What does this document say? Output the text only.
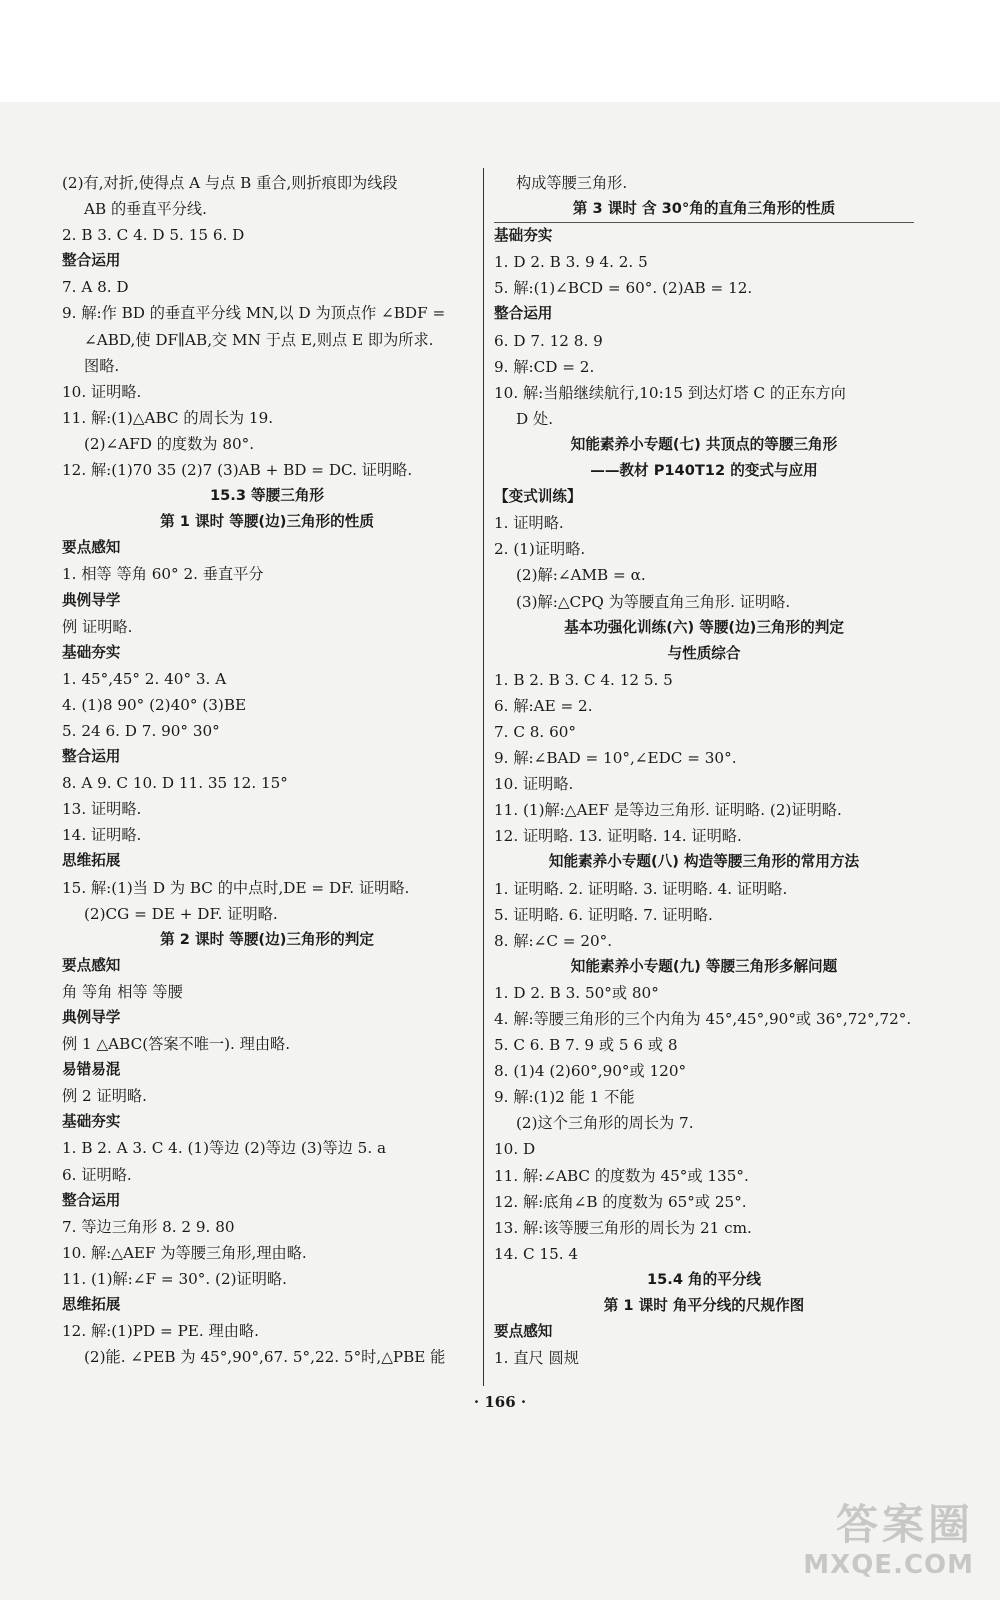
(2)有,对折,使得点 A 与点 B 重合,则折痕即为线段
AB 的垂直平分线.
2. B 3. C 4. D 5. 15 6. D
整合运用
7. A 8. D
9. 解:作 BD 的垂直平分线 MN,以 D 为顶点作 ∠BDF =
∠ABD,使 DF∥AB,交 MN 于点 E,则点 E 即为所求.
图略.
10. 证明略.
11. 解:(1)△ABC 的周长为 19.
(2)∠AFD 的度数为 80°.
12. 解:(1)70 35 (2)7 (3)AB + BD = DC. 证明略.
15.3 等腰三角形
第 1 课时 等腰(边)三角形的性质
要点感知
1. 相等 等角 60° 2. 垂直平分
典例导学
例 证明略.
基础夯实
1. 45°,45° 2. 40° 3. A
4. (1)8 90° (2)40° (3)BE
5. 24 6. D 7. 90° 30°
整合运用
8. A 9. C 10. D 11. 35 12. 15°
13. 证明略.
14. 证明略.
思维拓展
15. 解:(1)当 D 为 BC 的中点时,DE = DF. 证明略.
(2)CG = DE + DF. 证明略.
第 2 课时 等腰(边)三角形的判定
要点感知
角 等角 相等 等腰
典例导学
例 1 △ABC(答案不唯一). 理由略.
易错易混
例 2 证明略.
基础夯实
1. B 2. A 3. C 4. (1)等边 (2)等边 (3)等边 5. a
6. 证明略.
整合运用
7. 等边三角形 8. 2 9. 80
10. 解:△AEF 为等腰三角形,理由略.
11. (1)解:∠F = 30°. (2)证明略.
思维拓展
12. 解:(1)PD = PE. 理由略.
(2)能. ∠PEB 为 45°,90°,67. 5°,22. 5°时,△PBE 能
构成等腰三角形.
第 3 课时 含 30°角的直角三角形的性质
基础夯实
1. D 2. B 3. 9 4. 2. 5
5. 解:(1)∠BCD = 60°. (2)AB = 12.
整合运用
6. D 7. 12 8. 9
9. 解:CD = 2.
10. 解:当船继续航行,10:15 到达灯塔 C 的正东方向
D 处.
知能素养小专题(七) 共顶点的等腰三角形
——教材 P140T12 的变式与应用
【变式训练】
1. 证明略.
2. (1)证明略.
(2)解:∠AMB = α.
(3)解:△CPQ 为等腰直角三角形. 证明略.
基本功强化训练(六) 等腰(边)三角形的判定
与性质综合
1. B 2. B 3. C 4. 12 5. 5
6. 解:AE = 2.
7. C 8. 60°
9. 解:∠BAD = 10°,∠EDC = 30°.
10. 证明略.
11. (1)解:△AEF 是等边三角形. 证明略. (2)证明略.
12. 证明略. 13. 证明略. 14. 证明略.
知能素养小专题(八) 构造等腰三角形的常用方法
1. 证明略. 2. 证明略. 3. 证明略. 4. 证明略.
5. 证明略. 6. 证明略. 7. 证明略.
8. 解:∠C = 20°.
知能素养小专题(九) 等腰三角形多解问题
1. D 2. B 3. 50°或 80°
4. 解:等腰三角形的三个内角为 45°,45°,90°或 36°,72°,72°.
5. C 6. B 7. 9 或 5 6 或 8
8. (1)4 (2)60°,90°或 120°
9. 解:(1)2 能 1 不能
(2)这个三角形的周长为 7.
10. D
11. 解:∠ABC 的度数为 45°或 135°.
12. 解:底角∠B 的度数为 65°或 25°.
13. 解:该等腰三角形的周长为 21 cm.
14. C 15. 4
15.4 角的平分线
第 1 课时 角平分线的尺规作图
要点感知
1. 直尺 圆规
· 166 ·
答案圈
MXQE.COM
